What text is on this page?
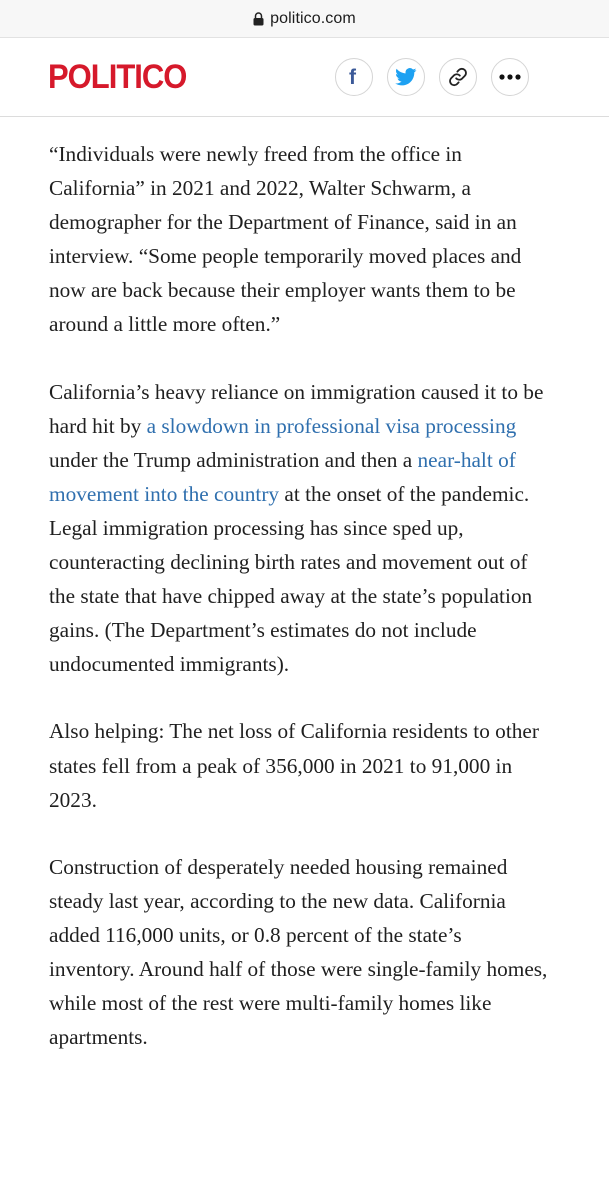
politico.com
POLITICO	f

“Individuals were newly freed from the office in California” in 2021 and 2022, Walter Schwarm, a demographer for the Department of Finance, said in an interview. “Some people temporarily moved places and now are back because their employer wants them to be around a little more often.”

California’s heavy reliance on immigration caused it to be hard hit by a slowdown in professional visa processing under the Trump administration and then a near-halt of movement into the country at the onset of the pandemic. Legal immigration processing has since sped up, counteracting declining birth rates and movement out of the state that have chipped away at the state’s population gains. (The Department’s estimates do not include undocumented immigrants).

Also helping: The net loss of California residents to other states fell from a peak of 356,000 in 2021 to 91,000 in 2023.

Construction of desperately needed housing remained steady last year, according to the new data. California added 116,000 units, or 0.8 percent of the state’s inventory. Around half of those were single-family homes, while most of the rest were multi-family homes like apartments.
